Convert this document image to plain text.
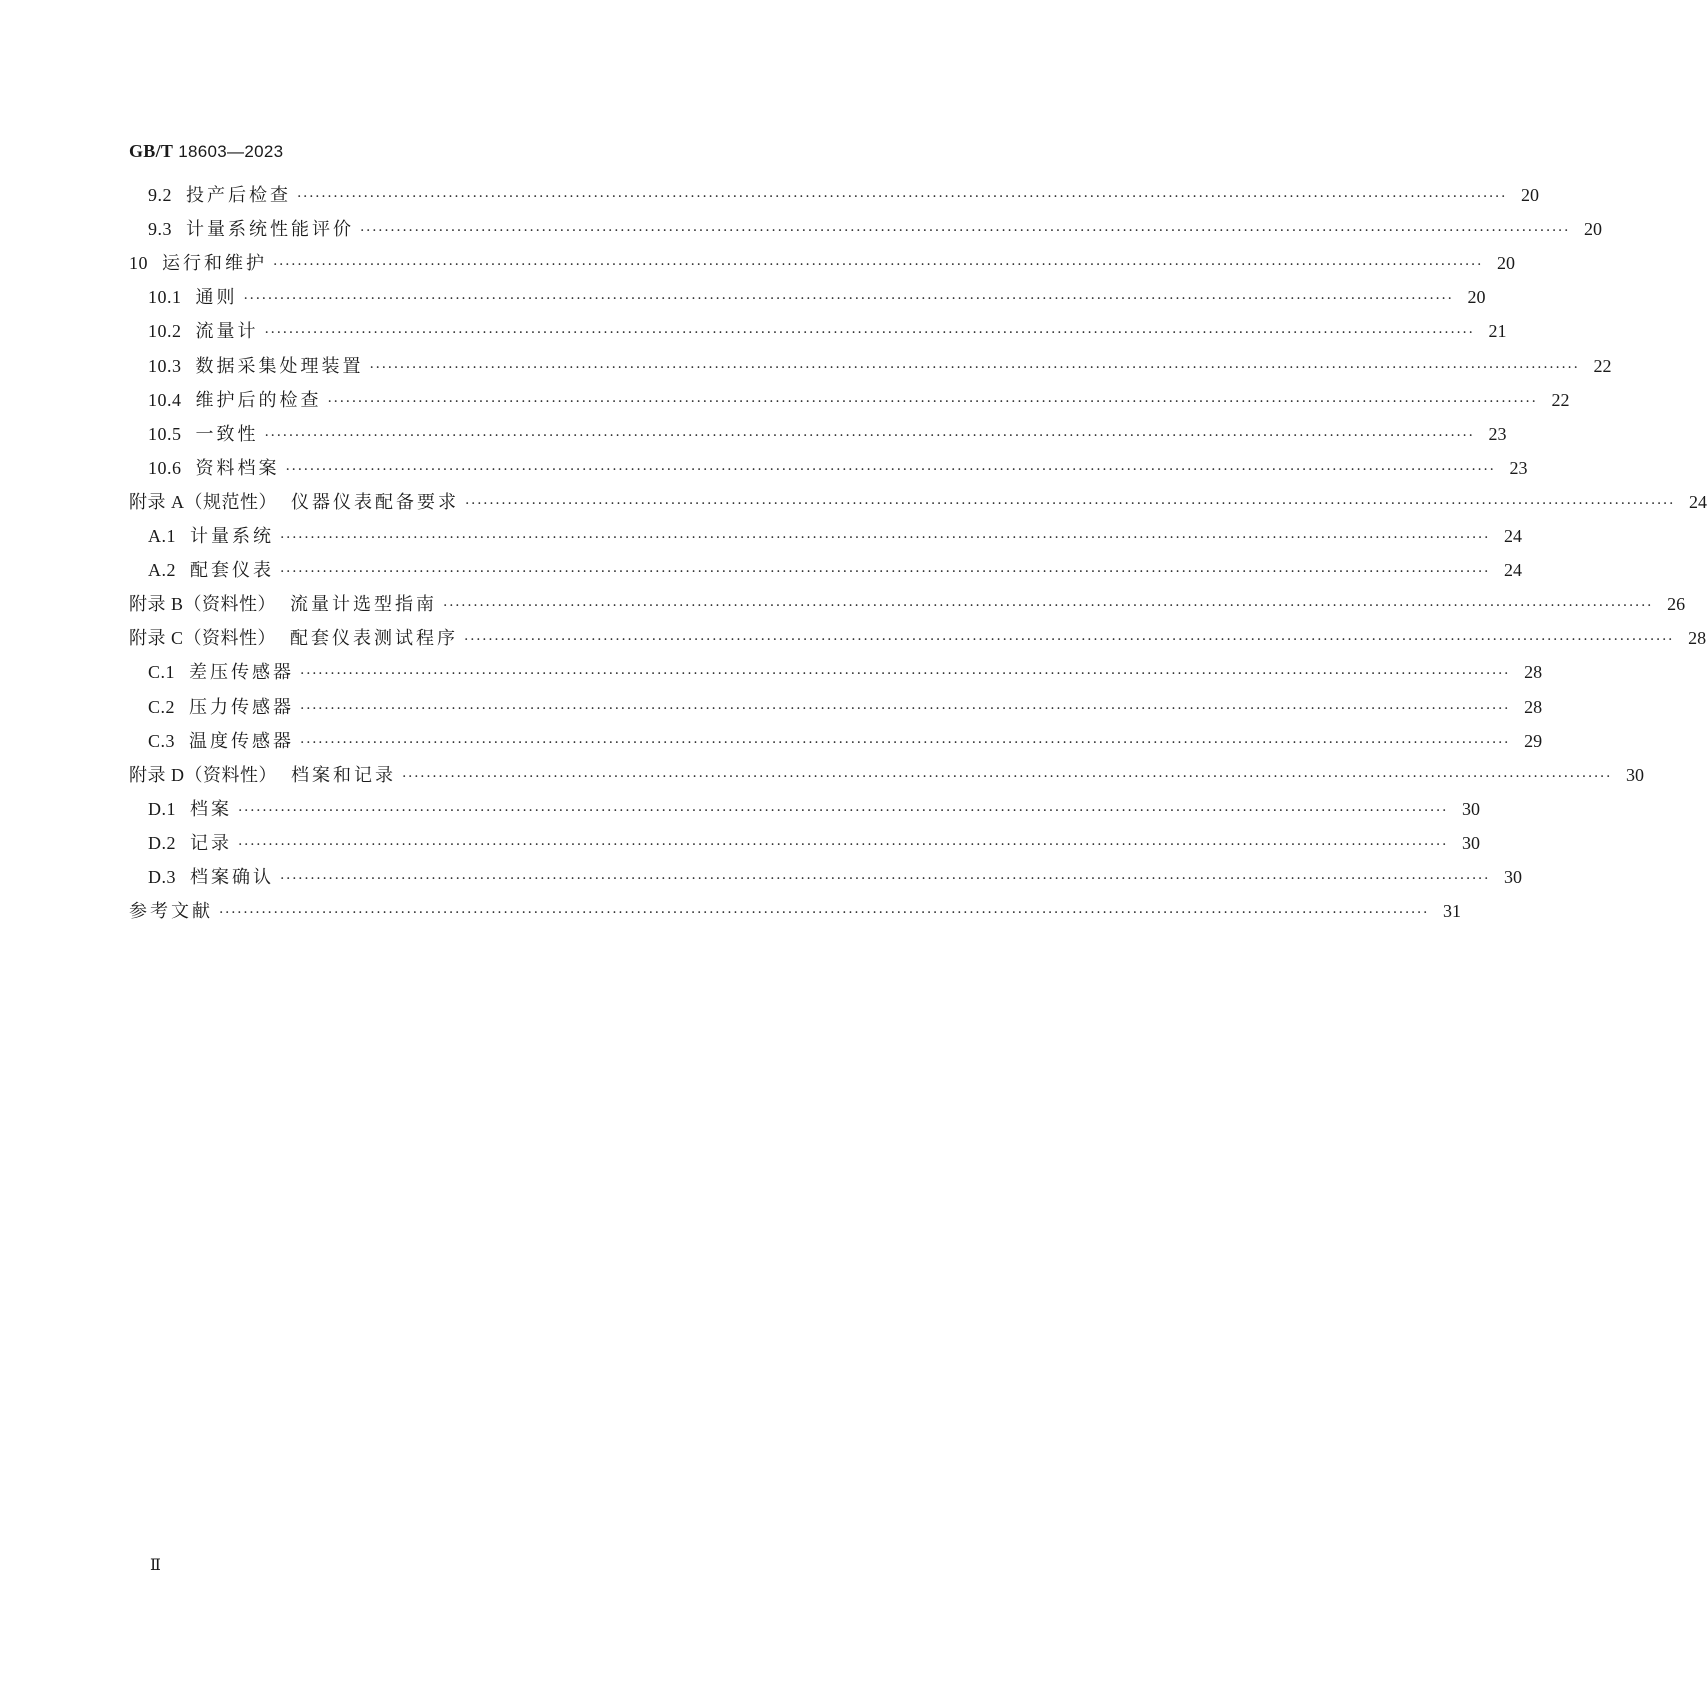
GB/T 18603—2023
9.2 投产后检查 ········································································································································································································ 20
9.3 计量系统性能评价 ········································································································································································································ 20
10 运行和维护 ········································································································································································································ 20
10.1 通则 ········································································································································································································ 20
10.2 流量计 ········································································································································································································ 21
10.3 数据采集处理装置 ········································································································································································································ 22
10.4 维护后的检查 ········································································································································································································ 22
10.5 一致性 ········································································································································································································ 23
10.6 资料档案 ········································································································································································································ 23
附录 A（规范性） 仪器仪表配备要求 ········································································································································································································ 24
A.1 计量系统 ········································································································································································································ 24
A.2 配套仪表 ········································································································································································································ 24
附录 B（资料性） 流量计选型指南 ········································································································································································································ 26
附录 C（资料性） 配套仪表测试程序 ········································································································································································································ 28
C.1 差压传感器 ········································································································································································································ 28
C.2 压力传感器 ········································································································································································································ 28
C.3 温度传感器 ········································································································································································································ 29
附录 D（资料性） 档案和记录 ········································································································································································································ 30
D.1 档案 ········································································································································································································ 30
D.2 记录 ········································································································································································································ 30
D.3 档案确认 ········································································································································································································ 30
参考文献 ········································································································································································································ 31
Ⅱ
